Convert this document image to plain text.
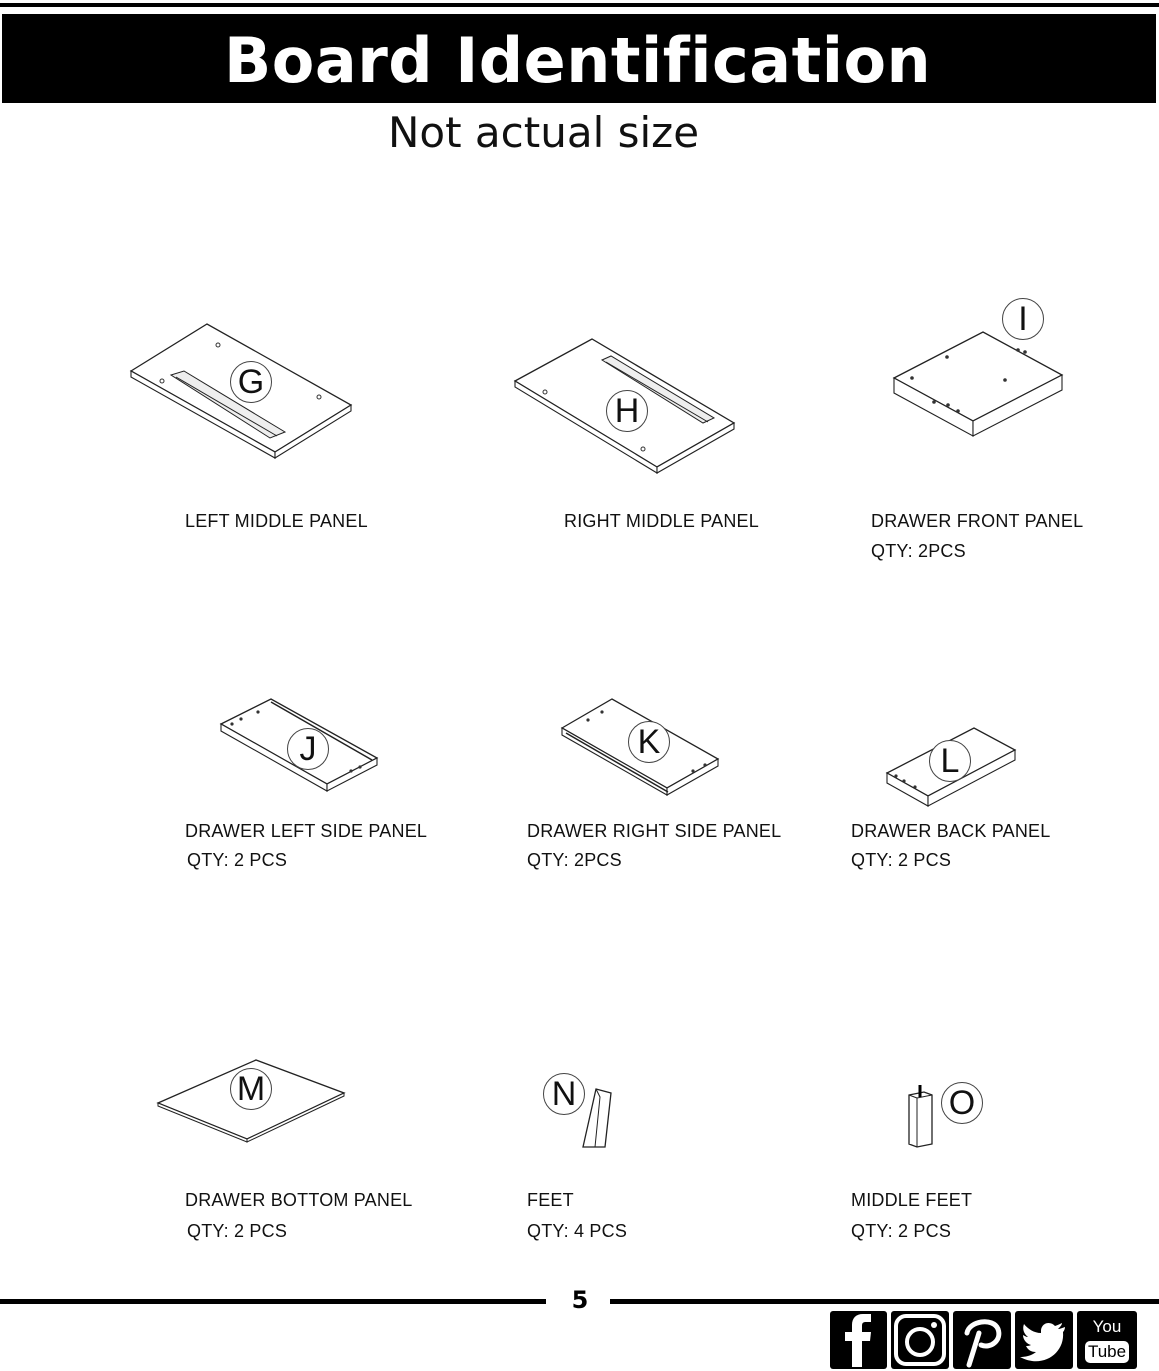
Board Identification
Not actual size
G
LEFT MIDDLE PANEL
H
RIGHT MIDDLE PANEL
I
DRAWER FRONT PANEL
QTY: 2PCS
J
DRAWER LEFT SIDE PANEL
QTY: 2 PCS
K
DRAWER RIGHT SIDE PANEL
QTY: 2PCS
L
DRAWER BACK PANEL
QTY: 2 PCS
M
DRAWER BOTTOM PANEL
QTY: 2 PCS
N
FEET
QTY: 4 PCS
O
MIDDLE FEET
QTY: 2 PCS
5
You
Tube
